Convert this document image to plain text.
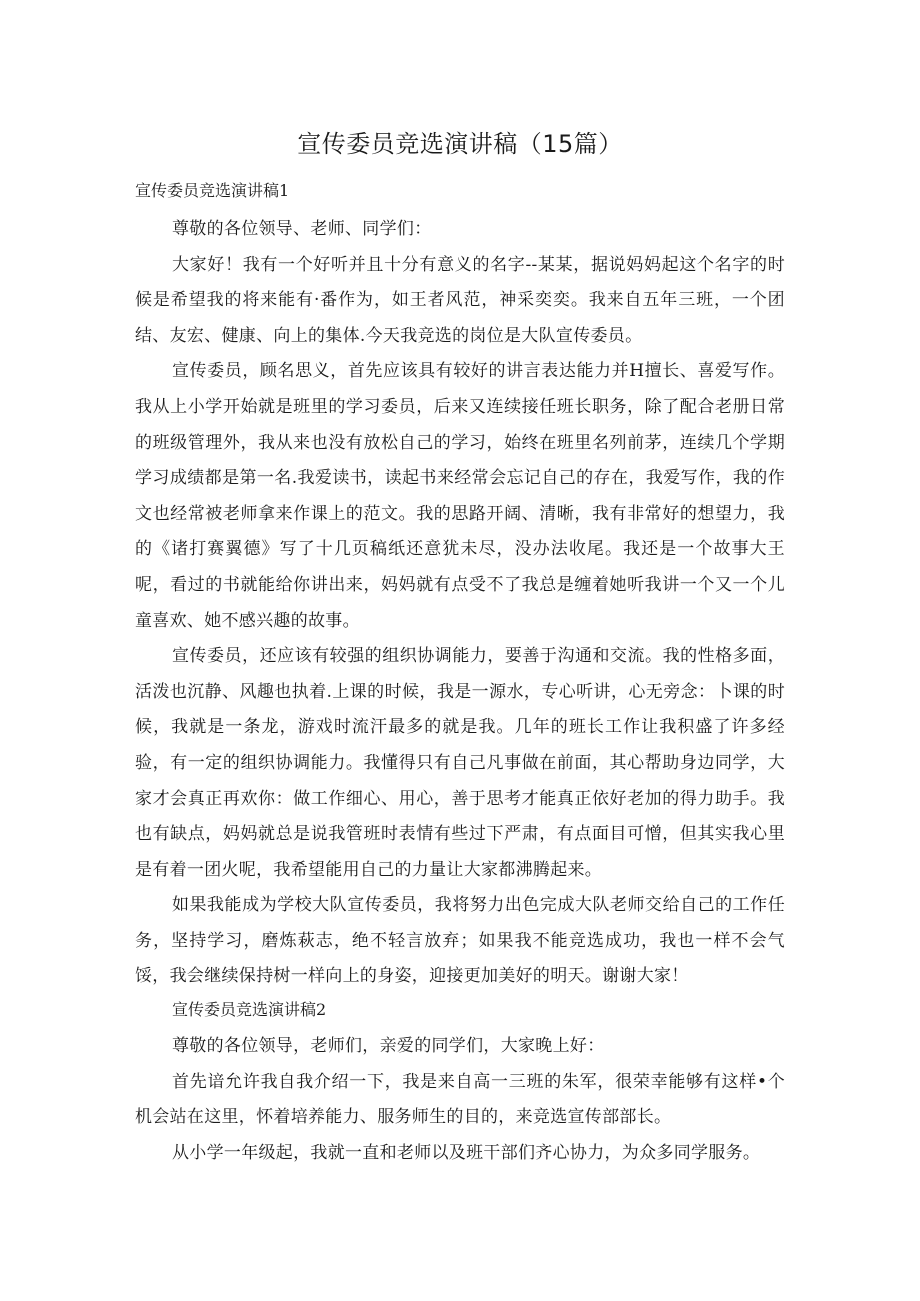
宣传委员竞选演讲稿（15篇）

宣传委员竞选演讲稿1

尊敬的各位领导、老师、同学们：

大家好！我有一个好听并且十分有意义的名字--某某，据说妈妈起这个名字的时候是希望我的将来能有·番作为，如王者风范，神采奕奕。我来自五年三班，一个团结、友宏、健康、向上的集体.今天我竞选的岗位是大队宣传委员。

宣传委员，顾名思义，首先应该具有较好的讲言表达能力并H擅长、喜爱写作。我从上小学开始就是班里的学习委员，后来又连续接任班长职务，除了配合老册日常的班级管理外，我从来也没有放松自己的学习，始终在班里名列前茅，连续几个学期学习成绩都是第一名.我爱读书，读起书来经常会忘记自己的存在，我爱写作，我的作文也经常被老师拿来作课上的范文。我的思路开阔、清晰，我有非常好的想望力，我的《诸打赛翼德》写了十几页稿纸还意犹未尽，没办法收尾。我还是一个故事大王呢，看过的书就能给你讲出来，妈妈就有点受不了我总是缠着她听我讲一个又一个儿童喜欢、她不感兴趣的故事。

宣传委员，还应该有较强的组织协调能力，要善于沟通和交流。我的性格多面，活泼也沉静、风趣也执着.上课的时候，我是一源水，专心听讲，心无旁念：卜课的时候，我就是一条龙，游戏时流汗最多的就是我。几年的班长工作让我积盛了许多经验，有一定的组织协调能力。我懂得只有自己凡事做在前面，其心帮助身边同学，大家才会真正再欢你：做工作细心、用心，善于思考才能真正依好老加的得力助手。我也有缺点，妈妈就总是说我管班时表情有些过下严肃，有点面目可憎，但其实我心里是有着一团火呢，我希望能用自己的力量让大家都沸腾起来。

如果我能成为学校大队宣传委员，我将努力出色完成大队老师交给自己的工作任务，坚持学习，磨炼萩志，绝不轻言放弃；如果我不能竞选成功，我也一样不会气馁，我会继续保持树一样向上的身姿，迎接更加美好的明天。谢谢大家！

宣传委员竞选演讲稿2

尊敬的各位领导，老师们，亲爱的同学们，大家晚上好：

首先谙允许我自我介绍一下，我是来自高一三班的朱军，很荣幸能够有这样•个机会站在这里，怀着培养能力、服务师生的目的，来竞选宣传部部长。

从小学一年级起，我就一直和老师以及班干部们齐心协力，为众多同学服务。
